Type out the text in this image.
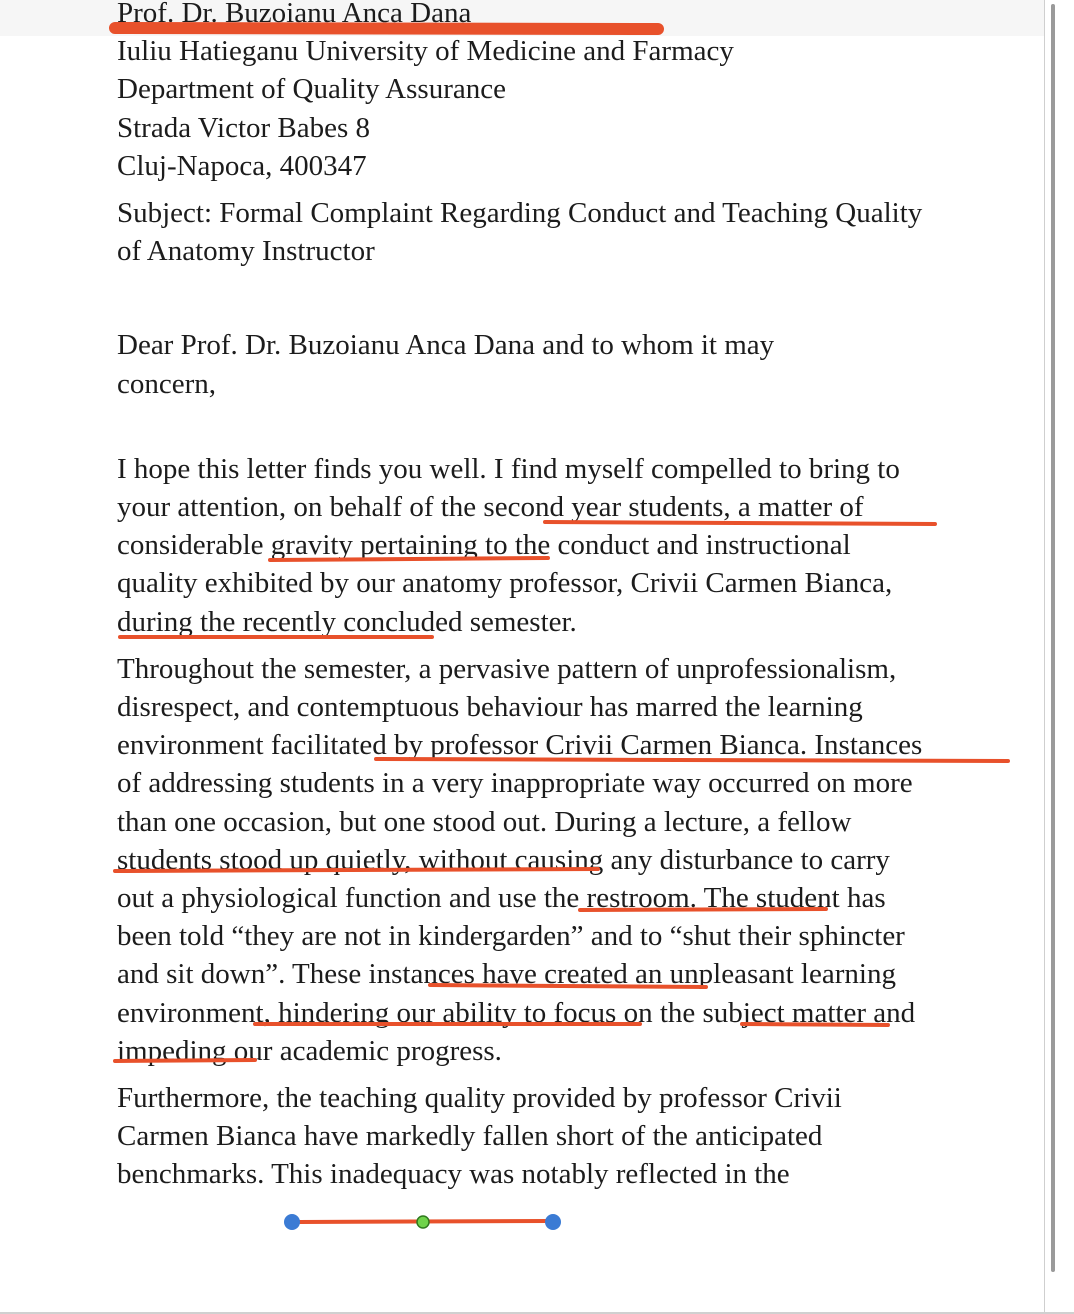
Prof. Dr. Buzoianu Anca Dana

Iuliu Hatieganu University of Medicine and Farmacy

Department of Quality Assurance

Strada Victor Babes 8

Cluj-Napoca, 400347

Subject: Formal Complaint Regarding Conduct and Teaching Quality of Anatomy Instructor

Dear Prof. Dr. Buzoianu Anca Dana and to whom it may concern,

I hope this letter finds you well. I find myself compelled to bring to your attention, on behalf of the second year students, a matter of considerable gravity pertaining to the conduct and instructional quality exhibited by our anatomy professor, Crivii Carmen Bianca, during the recently concluded semester.

Throughout the semester, a pervasive pattern of unprofessionalism, disrespect, and contemptuous behaviour has marred the learning environment facilitated by professor Crivii Carmen Bianca. Instances of addressing students in a very inappropriate way occurred on more than one occasion, but one stood out. During a lecture, a fellow students stood up quietly, without causing any disturbance to carry out a physiological function and use the restroom. The student has been told “they are not in kindergarden” and to “shut their sphincter and sit down”. These instances have created an unpleasant learning environment, hindering our ability to focus on the subject matter and impeding our academic progress.

Furthermore, the teaching quality provided by professor Crivii Carmen Bianca have markedly fallen short of the anticipated benchmarks. This inadequacy was notably reflected in the
